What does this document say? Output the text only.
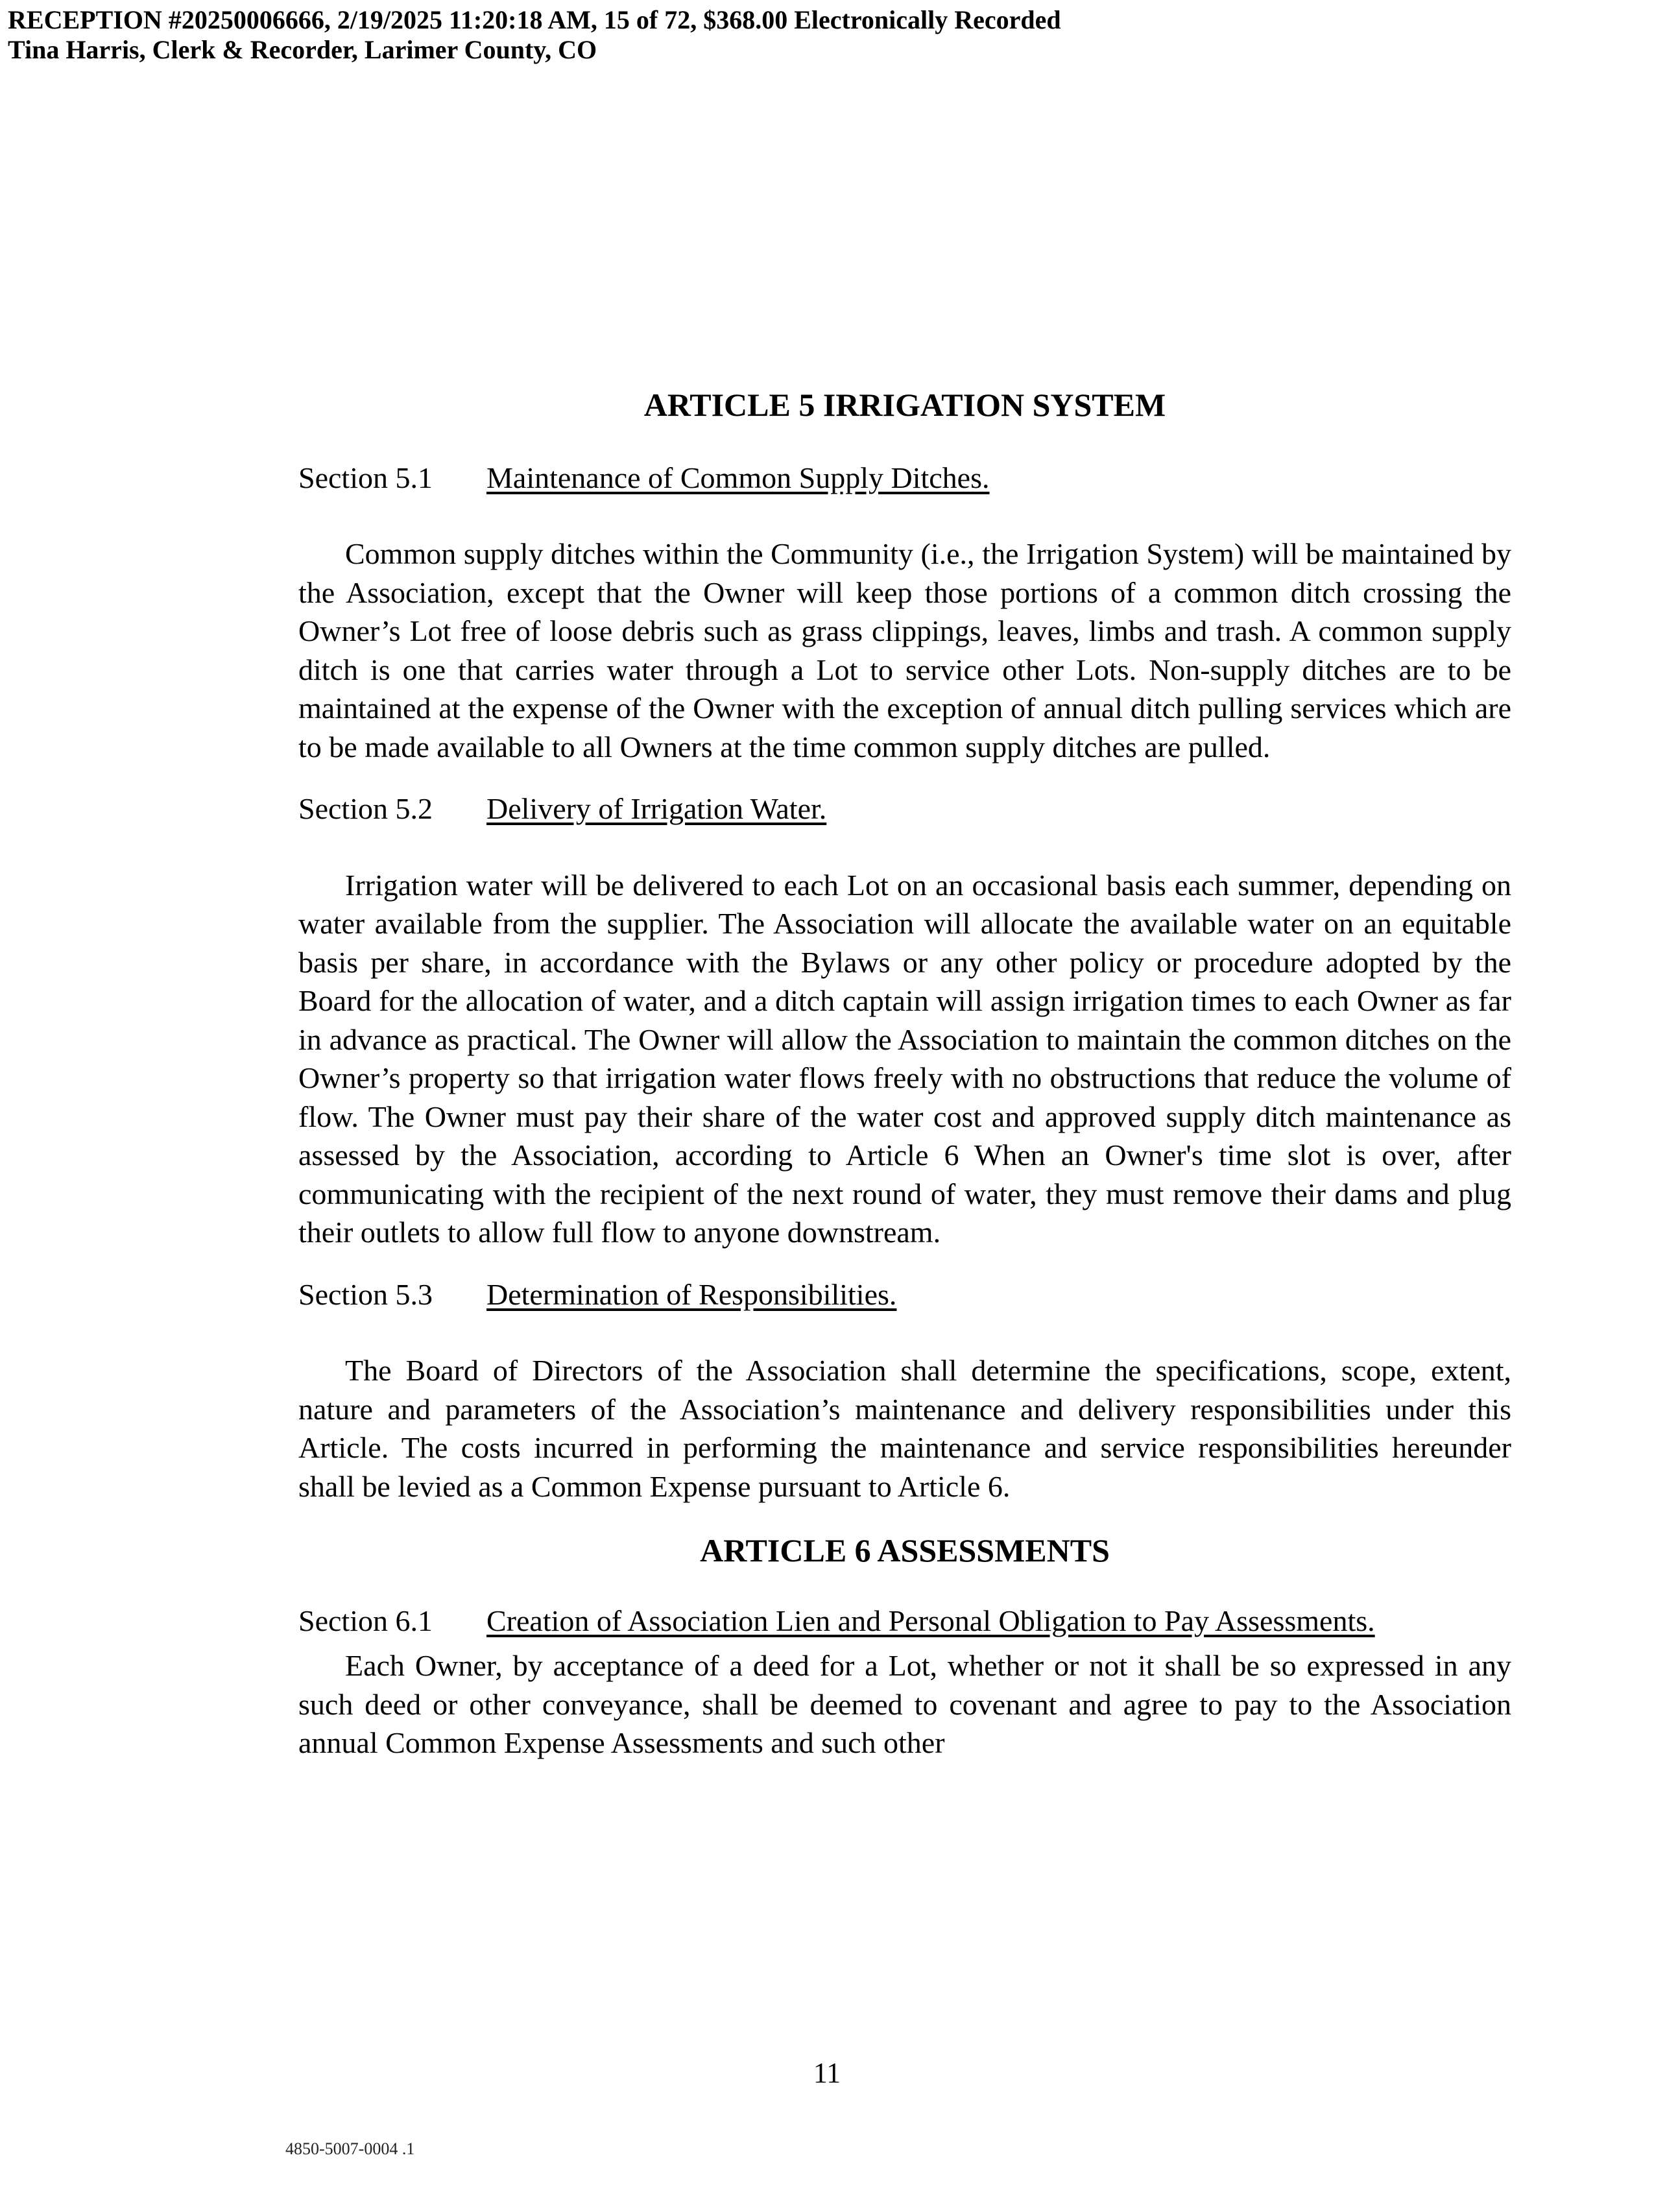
RECEPTION #20250006666, 2/19/2025 11:20:18 AM, 15 of 72, $368.00 Electronically Recorded
Tina Harris, Clerk & Recorder, Larimer County, CO
ARTICLE 5 IRRIGATION SYSTEM
Section 5.1	Maintenance of Common Supply Ditches.

Common supply ditches within the Community (i.e., the Irrigation System) will be maintained by the Association, except that the Owner will keep those portions of a common ditch crossing the Owner’s Lot free of loose debris such as grass clippings, leaves, limbs and trash. A common supply ditch is one that carries water through a Lot to service other Lots. Non-supply ditches are to be maintained at the expense of the Owner with the exception of annual ditch pulling services which are to be made available to all Owners at the time common supply ditches are pulled.

Section 5.2	Delivery of Irrigation Water.

Irrigation water will be delivered to each Lot on an occasional basis each summer, depending on water available from the supplier. The Association will allocate the available water on an equitable basis per share, in accordance with the Bylaws or any other policy or procedure adopted by the Board for the allocation of water, and a ditch captain will assign irrigation times to each Owner as far in advance as practical. The Owner will allow the Association to maintain the common ditches on the Owner’s property so that irrigation water flows freely with no obstructions that reduce the volume of flow. The Owner must pay their share of the water cost and approved supply ditch maintenance as assessed by the Association, according to Article 6 When an Owner's time slot is over, after communicating with the recipient of the next round of water, they must remove their dams and plug their outlets to allow full flow to anyone downstream.

Section 5.3	Determination of Responsibilities.

The Board of Directors of the Association shall determine the specifications, scope, extent, nature and parameters of the Association’s maintenance and delivery responsibilities under this Article. The costs incurred in performing the maintenance and service responsibilities hereunder shall be levied as a Common Expense pursuant to Article 6.

ARTICLE 6 ASSESSMENTS
Section 6.1	Creation of Association Lien and Personal Obligation to Pay Assessments.

Each Owner, by acceptance of a deed for a Lot, whether or not it shall be so expressed in any such deed or other conveyance, shall be deemed to covenant and agree to pay to the Association annual Common Expense Assessments and such other

11
4850-5007-0004 .1
